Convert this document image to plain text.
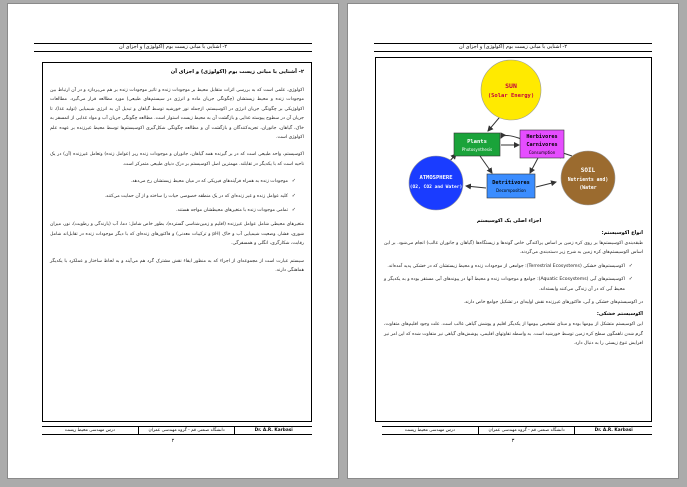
۲- آشنایی با مبانی زیست بوم (اکولوژی) و اجزای آن
۲- آشنایی با مبانی زیست بوم (اکولوژی) و اجزای آن

اکولوژی، علمی است که به بررسی اثرات متقابل محیط بر موجودات زنده و تاثیر موجودات زنده بر هم می‌پردازد و در آن ارتباط بین موجودات زنده و محیط زیستشان (چگونگی جریان ماده و انرژی در سیستم‌های طبیعی) مورد مطالعه قرار می‌گیرد. مطالعات اکولوژیکی بر چگونگی جریان انرژی در اکوسیستم، ازجمله نور خورشید توسط گیاهان و تبدیل آن به انرژی شیمیایی (تولید غذا)، تا جریان آن در سطوح پیوسته غذایی و بازگشت آن به محیط زیست استوار است. مطالعه چگونگی جریان آب و مواد غذایی از اتمسفر به خاک، گیاهان، جانوران، تجزیه‌کنندگان و بازگشت آن و مطالعه چگونگی شکل‌گیری اکوسیستم‌ها توسط محیط غیرزنده بر عهده علم اکولوژی است.

اکوسیستم، واحد طبیعی است که در بر گیرنده همه گیاهان، جانوران و موجودات زنده ریز (عوامل زنده) وتعامل غیرزنده (آن) در یک ناحیه است که با یکدیگر در تقابلند. مهمترین اصل اکوسیستم بر درک دنیای طبیعی متمرکز است.

✓ موجودات زنده به همراه فرآیندهای فیزیکی که در میان محیط زیستشان رخ می‌دهد.
✓ کلیه عوامل زنده و غیر زنده‌ای که در یک منطقه خصوصی حیات را ساخته و از آن حمایت می‌کنند.
✓ تمامی موجودات زنده با متغیرهای محیطشان مواجه هستند.

متغیرهای محیطی شامل عوامل غیرزنده (اقلیم و زمین‌شناسی گسترده)، بطور خاص شامل: دما، آب (بارندگی و رطوبت)، نور، میزان شوری، فشار، وضعیت شیمیایی آب و خاک (pH و ترکیبات معدنی) و فاکتورهای زنده‌ای که با دیگر موجودات زنده در تقابل‌اند شامل رقابت، شکارگری، انگلی و همسفرگی.

سیستم عبارت است از مجموعه‌ای از اجزاء که به منظور ایفاء نقش مشترک گرد هم می‌آیند و به لحاظ ساختار و عملکرد با یکدیگر هماهنگی دارند.

درس مهندسی محیط زیست	دانشگاه صنعتی قم - گروه مهندسی عمران	Dr. A.R. Karbasi
۲
۲- آشنایی با مبانی زیست بوم (اکولوژی) و اجزای آن
SUN
(Solar Energy)
Plants
Photosynthesis
Herbivores
Carnivores
Consumption
ATMOSPHERE
(O2, CO2 and Water)
Detritivores
Decomposition
SOIL
(Nutrients and
Water)
اجزاء اصلی یک اکوسیستم
انواع اکوسیستم:

طبقه‌بندی اکوسیستم‌ها بر روی کره زمین بر اساس پراکندگی خاص گونه‌ها و زیستگاه‌ها (گیاهان و جانوران غالب) انجام می‌شود. بر این اساس اکوسیستم‌های کره زمین به شرح زیر دسته‌بندی می‌گردند.

✓ اکوسیستم‌های خشکی (Terrestrial Ecosystems): جوامعی از موجودات زنده و محیط زیستشان که در خشکی پدید آمده‌اند.
✓ اکوسیستم‌های آبی (Aquatic Ecosystems): جوامع و موجودات زنده و محیط آنها در پیوندهای آبی مستقر بوده و به یکدیگر و محیط آبی که در آن زندگی می‌کنند وابسته‌اند.

در اکوسیستم‌های خشکی و آبی، فاکتورهای غیرزنده نقش اولیه‌ای در تشکیل جوامع خاص دارند.

اکوسیستم خشکی:

این اکوسیستم متشکل از بیومها بوده و مبنای تشخیص بیومها از یکدیگر اقلیم و پوشش گیاهی غالب است. علت وجود اقلیم‌های متفاوت، گرم شدن ناهمگون سطح کره زمین توسط خورشید است. به واسطه تفاوتهای اقلیمی، پوشش‌های گیاهی نیز متفاوت شده که این امر نیز افزایش تنوع زیستی را به دنبال دارد.

درس مهندسی محیط زیست	دانشگاه صنعتی قم - گروه مهندسی عمران	Dr. A.R. Karbasi
۳
